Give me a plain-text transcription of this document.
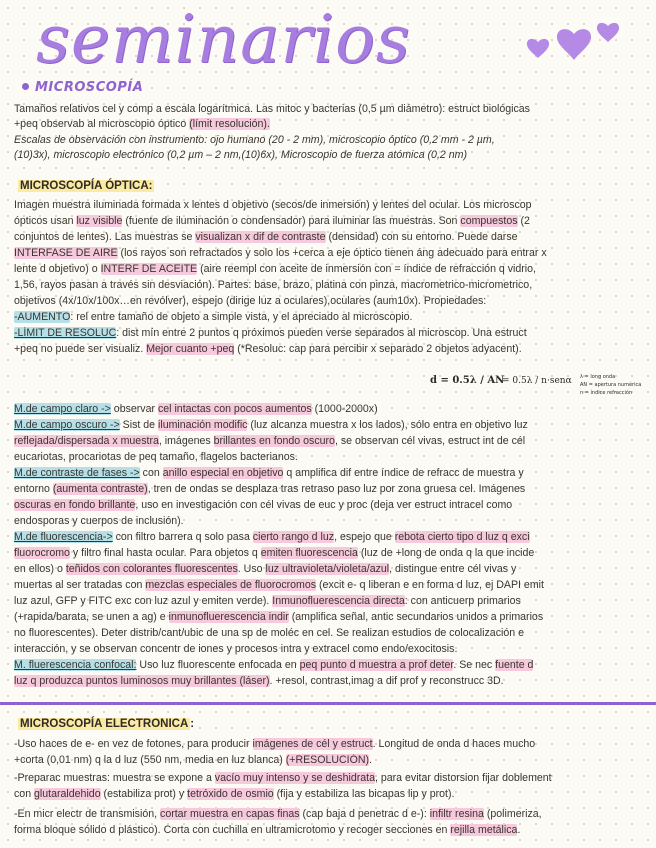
seminarios
MICROSCOPÍA
Tamaños relativos cel y comp a escala logarítmica. Las mitoc y bacterias (0,5 µm diámetro): estruct biológicas
+peq observab al microscopio óptico (límit resolución).
Escalas de observación con instrumento: ojo humano (20 - 2 mm), microscopio óptico (0,2 mm - 2 µm,
(10)3x), microscopio electrónico (0,2 µm – 2 nm,(10)6x), Microscopio de fuerza atómica (0,2 nm)
MICROSCOPÍA ÓPTICA:
Imagen muestra iluminada formada x lentes d objetivo (secos/de inmersión) y lentes del ocular. Los microscop
ópticos usan luz visible (fuente de iluminación o condensador) para iluminar las muestras. Son compuestos (2
conjuntos de lentes). Las muestras se visualizan x dif de contraste (densidad) con su entorno. Puede darse
INTERFASE DE AIRE (los rayos son refractados y solo los +cerca a eje óptico tienen áng adecuado para entrar x
lente d objetivo) o INTERF DE ACEITE (aire reempl con aceite de inmersión con = índice de refracción q vidrio,
1,56, rayos pasan a través sin desviación). Partes: base, brazo, platina con pinza, macrometrico-micrometrico,
objetivos (4x/10x/100x…en revólver), espejo (dirige luz a oculares),oculares (aum10x). Propiedades:
-AUMENTO: rel entre tamaño de objeto a simple vista, y el apreciado al microscopio.
-LÍMIT DE RESOLUC: dist mín entre 2 puntos q próximos pueden verse separados al microscop. Una estruct
+peq no puede ser visualiz. Mejor cuanto +peq (*Resoluc: cap para percibir x separado 2 objetos adyacent).
d = 0.5λ / AN
= 0.5λ / n·senα λ = long onda
AN = apertura numérica
n = índice refracción
M.de campo claro -> observar cel intactas con pocos aumentos (1000-2000x)
M.de campo oscuro -> Sist de iluminación modific (luz alcanza muestra x los lados), sólo entra en objetivo luz
reflejada/dispersada x muestra, imágenes brillantes en fondo oscuro, se observan cél vivas, estruct int de cél
eucariotas, procariotas de peq tamaño, flagelos bacterianos.
M.de contraste de fases -> con anillo especial en objetivo q amplifica dif entre índice de refracc de muestra y
entorno (aumenta contraste), tren de ondas se desplaza tras retraso paso luz por zona gruesa cel. Imágenes
oscuras en fondo brillante, uso en investigación con cél vivas de euc y proc (deja ver estruct intracel como
endosporas y cuerpos de inclusión).
M.de fluorescencia-> con filtro barrera q solo pasa cierto rango d luz, espejo que rebota cierto tipo d luz q exci
fluorocromo y filtro final hasta ocular. Para objetos q emiten fluorescencia (luz de +long de onda q la que incide
en ellos) o teñidos con colorantes fluorescentes. Uso luz ultravioleta/violeta/azul, distingue entre cél vivas y
muertas al ser tratadas con mezclas especiales de fluorocromos (excit e- q liberan e en forma d luz, ej DAPI emit
luz azul, GFP y FITC exc con luz azul y emiten verde). Inmunofluerescencia directa: con anticuerp primarios
(+rapida/barata, se unen a ag) e inmunofluerescencia indir (amplifica señal, antic secundarios unidos a primarios
no fluorescentes). Deter distrib/cant/ubic de una sp de moléc en cel. Se realizan estudios de colocalización e
interacción, y se observan concentr de iones y procesos intra y extracel como endo/exocitosis.
M. fluerescencia confocal: Uso luz fluorescente enfocada en peq punto d muestra a prof deter. Se nec fuente d
luz q produzca puntos luminosos muy brillantes (láser). +resol, contrast,imag a dif prof y reconstrucc 3D.
MICROSCOPÍA ELECTRONICA :
-Uso haces de e- en vez de fotones, para producir imágenes de cél y estruct. Longitud de onda d haces mucho
+corta (0,01 nm) q la d luz (550 nm, media en luz blanca) (+RESOLUCIÓN).
-Preparac muestras: muestra se expone a vacío muy intenso y se deshidrata, para evitar distorsion fijar doblement
con glutaraldehido (estabiliza prot) y tetróxido de osmio (fija y estabiliza las bicapas lip y prot).
-En micr electr de transmisión, cortar muestra en capas finas (cap baja d penetrac d e-): infiltr resina (polimeriza,
forma bloque sólido d plástico). Corta con cuchilla en ultramicrotomo y recoger secciones en rejilla metálica.
